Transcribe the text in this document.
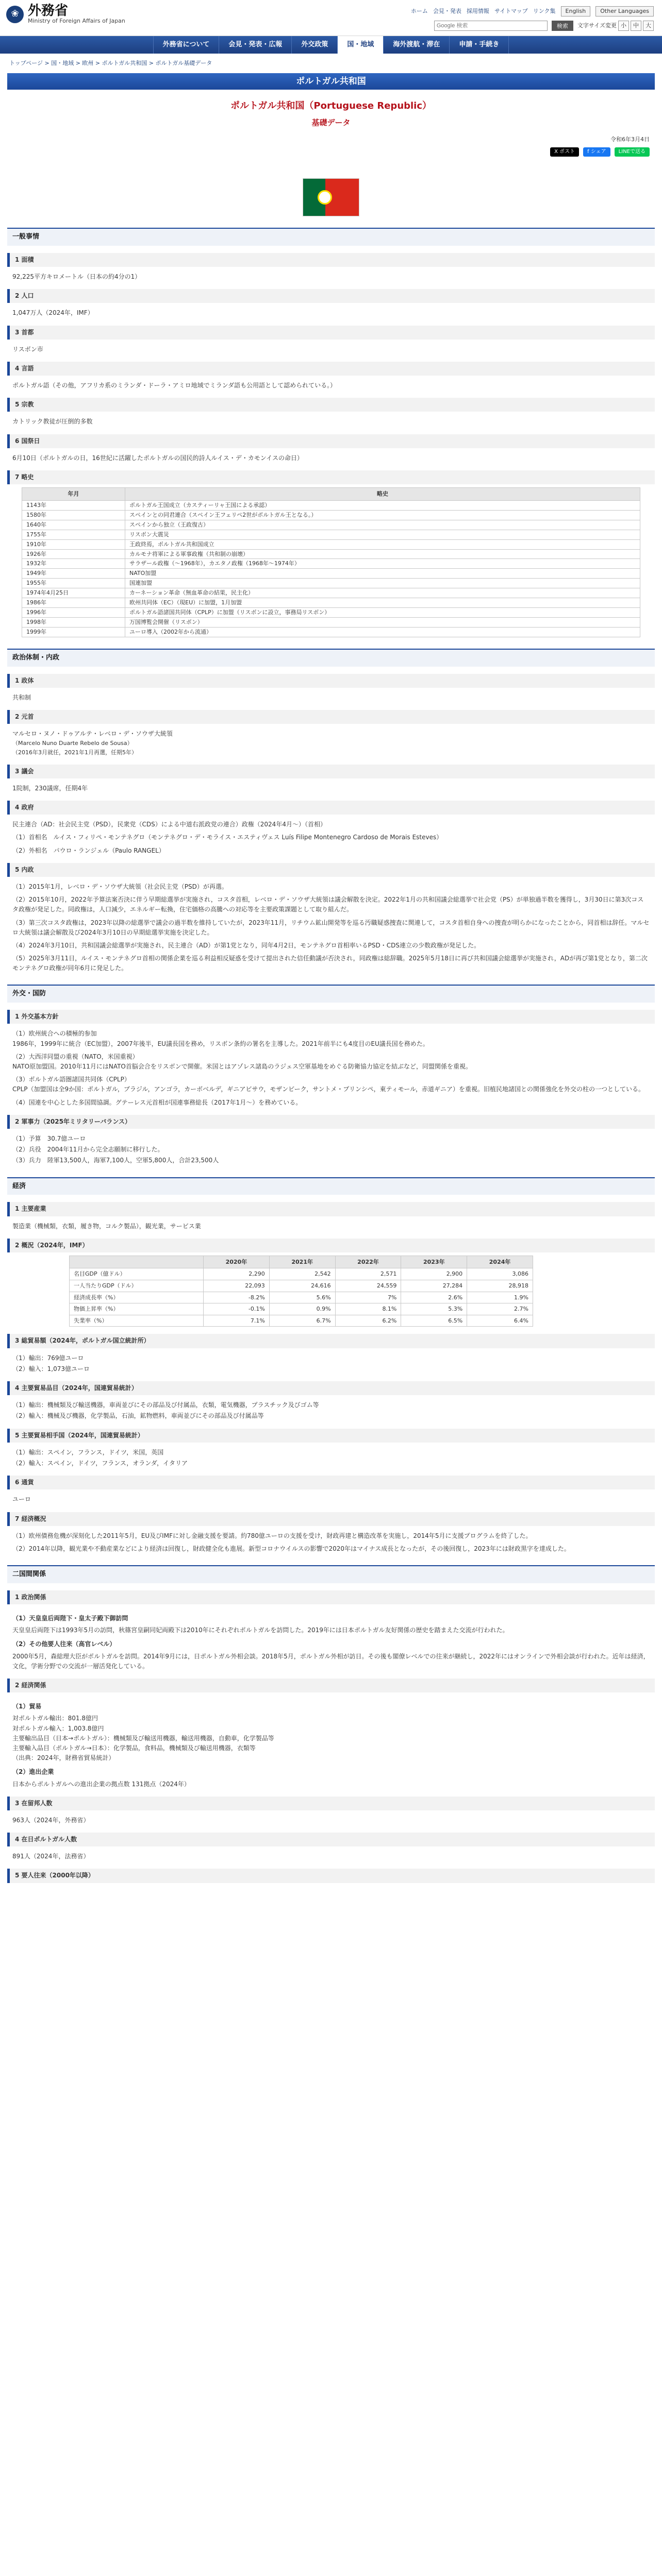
❀ 外務省
Ministry of Foreign Affairs of Japan
ホーム 会見・発表 採用情報 サイトマップ リンク集	English	Other Languages
Google 検索
検索	文字サイズ変更 小	中	大
外務省について	会見・発表・広報	外交政策	国・地域	海外渡航・滞在	申請・手続き
トップページ > 国・地域 > 欧州 > ポルトガル共和国 > ポルトガル基礎データ
ポルトガル共和国
ポルトガル共和国（Portuguese Republic）
基礎データ
令和6年3月4日
X ポスト	f シェア	LINEで送る
一般事情
1 面積

92,225平方キロメートル（日本の約4分の1）

2 人口

1,047万人（2024年，IMF）

3 首都

リスボン市

4 言語

ポルトガル語（その他，アフリカ系のミランダ・ドーラ・アミロ地域でミランダ語も公用語として認められている。）

5 宗教

カトリック教徒が圧倒的多数

6 国祭日

6月10日（ポルトガルの日，16世紀に活躍したポルトガルの国民的詩人ルイス・デ・カモンイスの命日）

7 略史
年月	略史
1143年	ポルトガル王国成立（カスティーリャ王国による承認）
1580年	スペインとの同君連合（スペイン王フェリペ2世がポルトガル王となる。）
1640年	スペインから独立（王政復古）
1755年	リスボン大震災
1910年	王政終焉，ポルトガル共和国成立
1926年	カルモナ将軍による軍事政権（共和制の崩壊）
1932年	サラザール政権（〜1968年），カエタノ政権（1968年〜1974年）
1949年	NATO加盟
1955年	国連加盟
1974年4月25日	カーネーション革命（無血革命の結果，民主化）
1986年	欧州共同体（EC）（現EU）に加盟，1月加盟
1996年	ポルトガル語諸国共同体（CPLP）に加盟（リスボンに設立，事務局リスボン）
1998年	万国博覧会開催（リスボン）
1999年	ユーロ導入（2002年から流通）
政治体制・内政
1 政体

共和制

2 元首

マルセロ・ヌノ・ドゥアルテ・レベロ・デ・ソウザ大統領

（Marcelo Nuno Duarte Rebelo de Sousa）

（2016年3月就任，2021年1月再選，任期5年）

3 議会

1院制，230議席，任期4年

4 政府

民主連合（AD：社会民主党（PSD），民衆党（CDS）による中道右派政党の連合）政権（2024年4月〜）（首相）

（1）首相名　ルイス・フィリペ・モンテネグロ（モンテネグロ・デ・モライス・エスティヴェス Luís Filipe Montenegro Cardoso de Morais Esteves）

（2）外相名　パウロ・ランジェル（Paulo RANGEL）

5 内政

（1）2015年1月，レベロ・デ・ソウザ大統領（社会民主党（PSD）が再選。

（2）2015年10月，2022年予算法案否決に伴う早期総選挙が実施され，コスタ首相，レベロ・デ・ソウザ大統領は議会解散を決定。2022年1月の共和国議会総選挙で社会党（PS）が単独過半数を獲得し，3月30日に第3次コスタ政権が発足した。同政権は，人口減少，エネルギー転換，住宅価格の高騰への対応等を主要政策課題として取り組んだ。

（3）第三次コスタ政権は，2023年以降の総選挙で議会の過半数を維持していたが，2023年11月，リチウム鉱山開発等を巡る汚職疑惑捜査に関連して，コスタ首相自身への捜査が明らかになったことから，同首相は辞任。マルセロ大統領は議会解散及び2024年3月10日の早期総選挙実施を決定した。

（4）2024年3月10日，共和国議会総選挙が実施され，民主連合（AD）が第1党となり，同年4月2日，モンテネグロ首相率いるPSD・CDS連立の少数政権が発足した。

（5）2025年3月11日，ルイス・モンテネグロ首相の関係企業を巡る利益相反疑惑を受けて提出された信任動議が否決され，同政権は総辞職。2025年5月18日に再び共和国議会総選挙が実施され，ADが再び第1党となり，第二次モンテネグロ政権が同年6月に発足した。

外交・国防
1 外交基本方針

（1）欧州統合への積極的参加

1986年，1999年に統合（EC加盟），2007年後半，EU議長国を務め，リスボン条約の署名を主導した。2021年前半にも4度目のEU議長国を務めた。

（2）大西洋同盟の重視（NATO，米国重視）

NATO原加盟国。2010年11月にはNATO首脳会合をリスボンで開催。米国とはアゾレス諸島のラジェス空軍基地をめぐる防衛協力協定を結ぶなど，同盟関係を重視。

（3）ポルトガル語圏諸国共同体（CPLP）

CPLP（加盟国は全9か国：ポルトガル，ブラジル，アンゴラ，カーボベルデ，ギニアビサウ，モザンビーク，サントメ・プリンシペ，東ティモール，赤道ギニア）を重視。旧植民地諸国との関係強化を外交の柱の一つとしている。

（4）国連を中心とした多国間協調。グテーレス元首相が国連事務総長（2017年1月〜）を務めている。

2 軍事力（2025年ミリタリーバランス）

（1）予算　30.7億ユーロ

（2）兵役　2004年11月から完全志願制に移行した。

（3）兵力　陸軍13,500人，海軍7,100人，空軍5,800人，合計23,500人

経済
1 主要産業

製造業（機械類，衣類，履き物，コルク製品），観光業，サービス業

2 概況（2024年，IMF）
	2020年	2021年	2022年	2023年	2024年
名目GDP（億ドル）	2,290	2,542	2,571	2,900	3,086
一人当たりGDP（ドル）	22,093	24,616	24,559	27,284	28,918
経済成長率（%）	-8.2%	5.6%	7%	2.6%	1.9%
物価上昇率（%）	-0.1%	0.9%	8.1%	5.3%	2.7%
失業率（%）	7.1%	6.7%	6.2%	6.5%	6.4%
3 総貿易額（2024年，ポルトガル国立統計所）

（1）輸出：769億ユーロ

（2）輸入：1,073億ユーロ

4 主要貿易品目（2024年，国連貿易統計）

（1）輸出：機械類及び輸送機器，車両並びにその部品及び付属品，衣類，電気機器，プラスチック及びゴム等

（2）輸入：機械及び機器，化学製品，石油，鉱物燃料，車両並びにその部品及び付属品等

5 主要貿易相手国（2024年，国連貿易統計）

（1）輸出：スペイン，フランス，ドイツ，米国，英国

（2）輸入：スペイン，ドイツ，フランス，オランダ，イタリア

6 通貨

ユーロ

7 経済概況

（1）欧州債務危機が深刻化した2011年5月，EU及びIMFに対し金融支援を要請。約780億ユーロの支援を受け，財政再建と構造改革を実施し，2014年5月に支援プログラムを終了した。

（2）2014年以降，観光業や不動産業などにより経済は回復し，財政健全化も進展。新型コロナウイルスの影響で2020年はマイナス成長となったが，その後回復し，2023年には財政黒字を達成した。

二国間関係
1 政治関係
（1）天皇皇后両陛下・皇太子殿下御訪問

天皇皇后両陛下は1993年5月の訪問，秋篠宮皇嗣同妃両殿下は2010年にそれぞれポルトガルを訪問した。2019年には日本ポルトガル友好関係の歴史を踏まえた交流が行われた。

（2）その他要人往来（高官レベル）

2000年5月，森総理大臣がポルトガルを訪問。2014年9月には，日ポルトガル外相会談。2018年5月，ポルトガル外相が訪日。その後も閣僚レベルでの往来が継続し，2022年にはオンラインで外相会談が行われた。近年は経済，文化，学術分野での交流が一層活発化している。

2 経済関係
（1）貿易

対ポルトガル輸出：801.8億円

対ポルトガル輸入：1,003.8億円

主要輸出品目（日本→ポルトガル）：機械類及び輸送用機器，輸送用機器，自動車，化学製品等

主要輸入品目（ポルトガル→日本）：化学製品，食料品，機械類及び輸送用機器，衣類等

（出典：2024年，財務省貿易統計）

（2）進出企業

日本からポルトガルへの進出企業の拠点数 131拠点（2024年）

3 在留邦人数

963人（2024年，外務省）

4 在日ポルトガル人数

891人（2024年，法務省）

5 要人往来（2000年以降）
